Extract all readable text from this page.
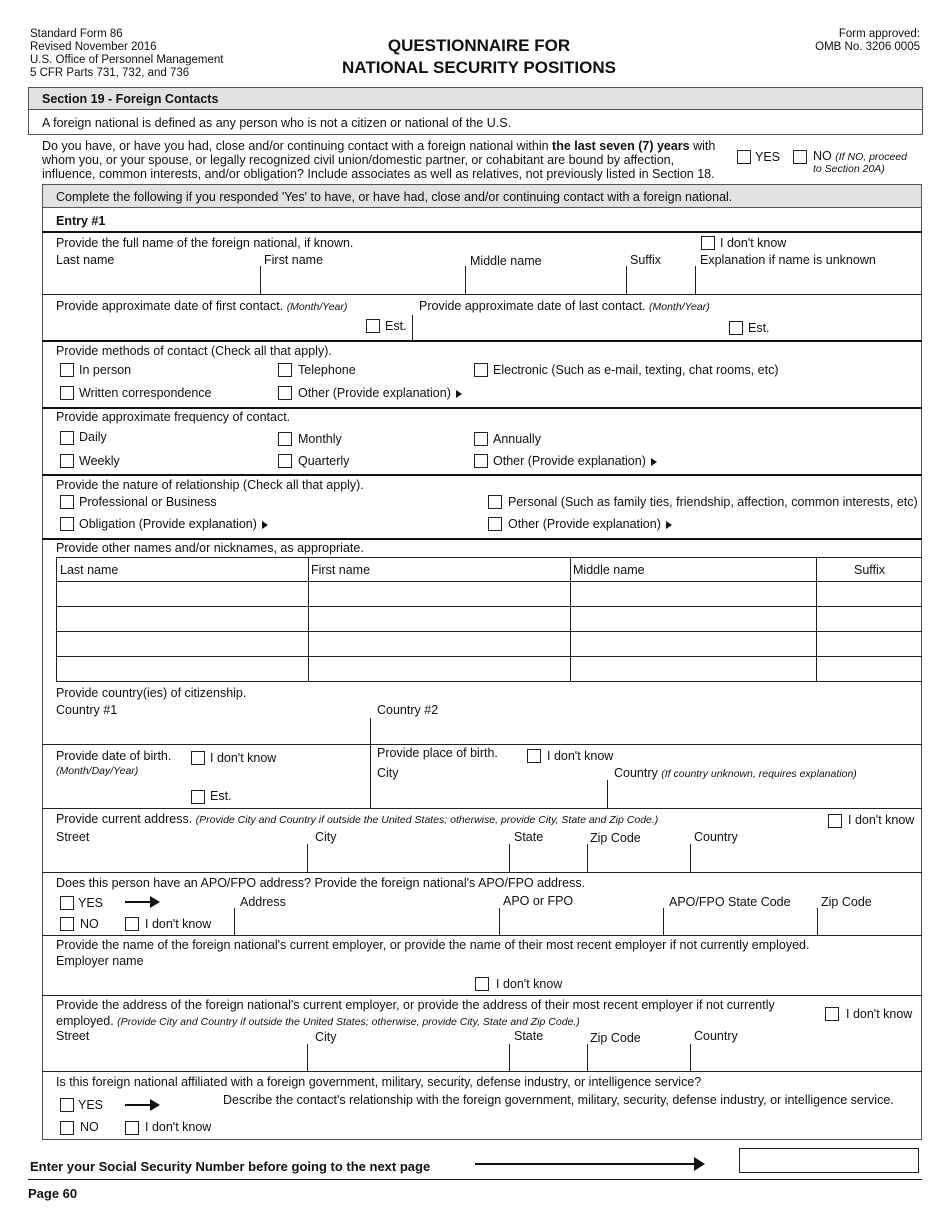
Standard Form 86
Revised November 2016
U.S. Office of Personnel Management
5 CFR Parts 731, 732, and 736
QUESTIONNAIRE FOR
NATIONAL SECURITY POSITIONS
Form approved:
OMB No. 3206 0005
Section 19 - Foreign Contacts
A foreign national is defined as any person who is not a citizen or national of the U.S.
Do you have, or have you had, close and/or continuing contact with a foreign national within the last seven (7) years with
whom you, or your spouse, or legally recognized civil union/domestic partner, or cohabitant are bound by affection,
influence, common interests, and/or obligation? Include associates as well as relatives, not previously listed in Section 18.
YES	NO (If NO, proceed
to Section 20A)
Complete the following if you responded 'Yes' to have, or have had, close and/or continuing contact with a foreign national.
Entry #1
Provide the full name of the foreign national, if known.	I don't know
Last name	First name	Middle name	Suffix	Explanation if name is unknown
Provide approximate date of first contact. (Month/Year)	Provide approximate date of last contact. (Month/Year)
Est.	Est.
Provide methods of contact (Check all that apply).
In person	Telephone	Electronic (Such as e-mail, texting, chat rooms, etc)
Written correspondence	Other (Provide explanation)
Provide approximate frequency of contact.
Daily	Monthly	Annually
Weekly	Quarterly	Other (Provide explanation)
Provide the nature of relationship (Check all that apply).
Professional or Business	Personal (Such as family ties, friendship, affection, common interests, etc)
Obligation (Provide explanation)	Other (Provide explanation)
Provide other names and/or nicknames, as appropriate.
Last name	First name	Middle name	Suffix
Provide country(ies) of citizenship.
Country #1	Country #2
Provide date of birth.
(Month/Day/Year)
I don't know
Est.
Provide place of birth.	I don't know
City	Country (If country unknown, requires explanation)
Provide current address. (Provide City and Country if outside the United States; otherwise, provide City, State and Zip Code.)	I don't know
Street	City	State	Zip Code	Country
Does this person have an APO/FPO address? Provide the foreign national's APO/FPO address.
YES	Address	APO or FPO	APO/FPO State Code Zip Code
NO	I don't know
Provide the name of the foreign national's current employer, or provide the name of their most recent employer if not currently employed.
Employer name
I don't know
Provide the address of the foreign national's current employer, or provide the address of their most recent employer if not currently
employed. (Provide City and Country if outside the United States; otherwise, provide City, State and Zip Code.)
I don't know
Street	City	State	Zip Code	Country
Is this foreign national affiliated with a foreign government, military, security, defense industry, or intelligence service?
YES	Describe the contact's relationship with the foreign government, military, security, defense industry, or intelligence service.
NO	I don't know
Enter your Social Security Number before going to the next page
Page 60
